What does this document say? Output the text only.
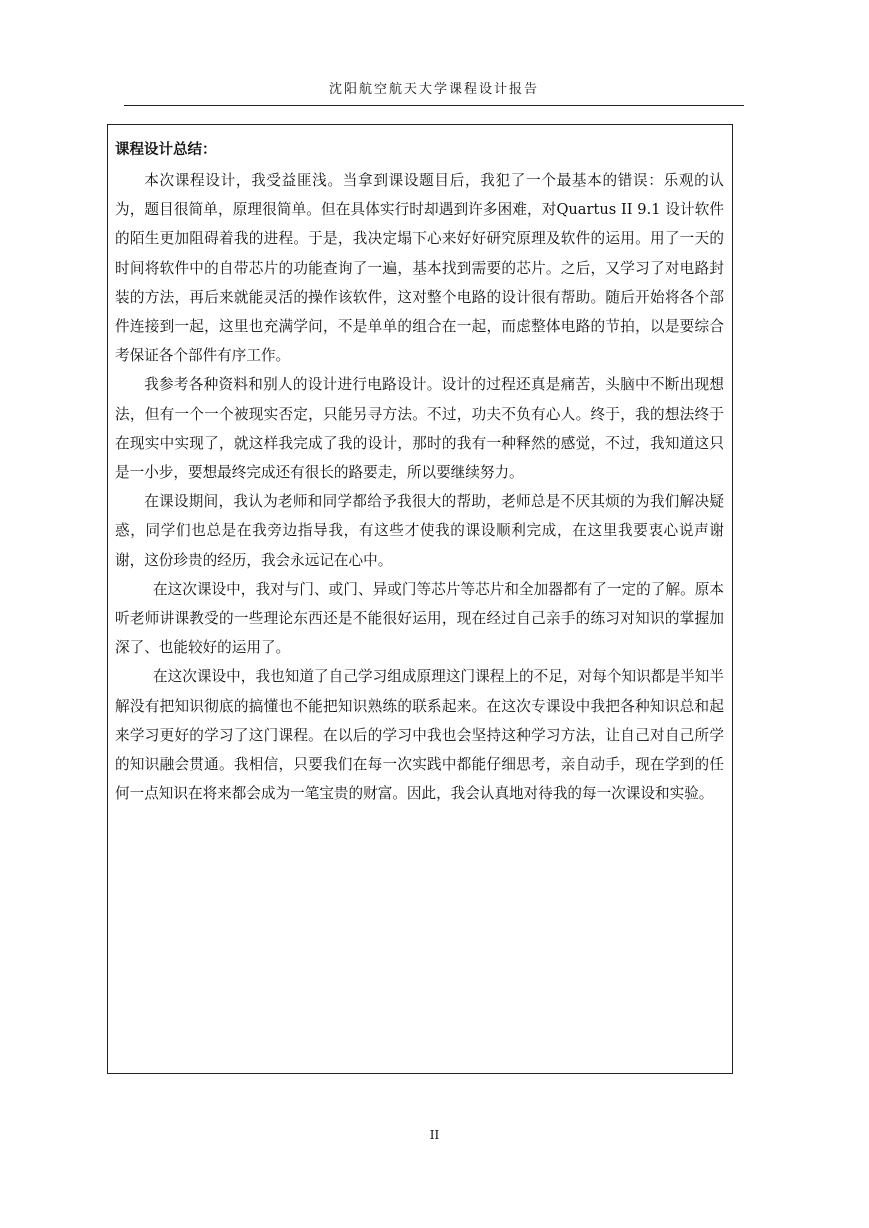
沈阳航空航天大学课程设计报告
课程设计总结：

本次课程设计，我受益匪浅。当拿到课设题目后，我犯了一个最基本的错误：乐观的认为，题目很简单，原理很简单。但在具体实行时却遇到许多困难，对Quartus II 9.1 设计软件的陌生更加阻碍着我的进程。于是，我决定塌下心来好好研究原理及软件的运用。用了一天的时间将软件中的自带芯片的功能查询了一遍，基本找到需要的芯片。之后，又学习了对电路封装的方法，再后来就能灵活的操作该软件，这对整个电路的设计很有帮助。随后开始将各个部件连接到一起，这里也充满学问，不是单单的组合在一起，而虑整体电路的节拍，以是要综合考保证各个部件有序工作。

我参考各种资料和别人的设计进行电路设计。设计的过程还真是痛苦，头脑中不断出现想法，但有一个一个被现实否定，只能另寻方法。不过，功夫不负有心人。终于，我的想法终于在现实中实现了，就这样我完成了我的设计，那时的我有一种释然的感觉，不过，我知道这只是一小步，要想最终完成还有很长的路要走，所以要继续努力。

在课设期间，我认为老师和同学都给予我很大的帮助，老师总是不厌其烦的为我们解决疑惑，同学们也总是在我旁边指导我，有这些才使我的课设顺利完成，在这里我要衷心说声谢谢，这份珍贵的经历，我会永远记在心中。

在这次课设中，我对与门、或门、异或门等芯片等芯片和全加器都有了一定的了解。原本听老师讲课教受的一些理论东西还是不能很好运用，现在经过自己亲手的练习对知识的掌握加深了、也能较好的运用了。

在这次课设中，我也知道了自己学习组成原理这门课程上的不足，对每个知识都是半知半解没有把知识彻底的搞懂也不能把知识熟练的联系起来。在这次专课设中我把各种知识总和起来学习更好的学习了这门课程。在以后的学习中我也会坚持这种学习方法，让自己对自己所学的知识融会贯通。我相信，只要我们在每一次实践中都能仔细思考，亲自动手，现在学到的任何一点知识在将来都会成为一笔宝贵的财富。因此，我会认真地对待我的每一次课设和实验。

II
